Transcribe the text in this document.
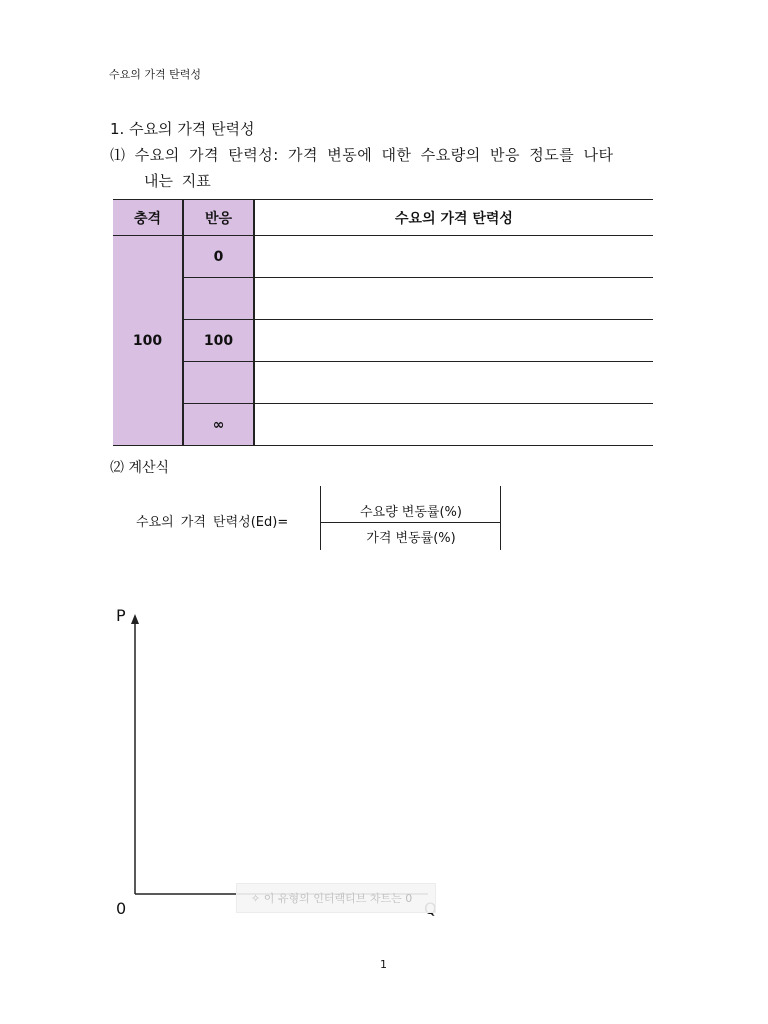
수요의 가격 탄력성
1. 수요의 가격 탄력성
⑴ 수요의 가격 탄력성: 가격 변동에 대한 수요량의 반응 정도를 나타
내는 지표
충격	반응	수요의 가격 탄력성
100	0	

	100	

	∞	
⑵ 계산식
수요의 가격 탄력성(Ed)=
수요량 변동률(%)
가격 변동률(%)
P
0
✧ 이 유형의 인터랙티브 차트는 0
1
